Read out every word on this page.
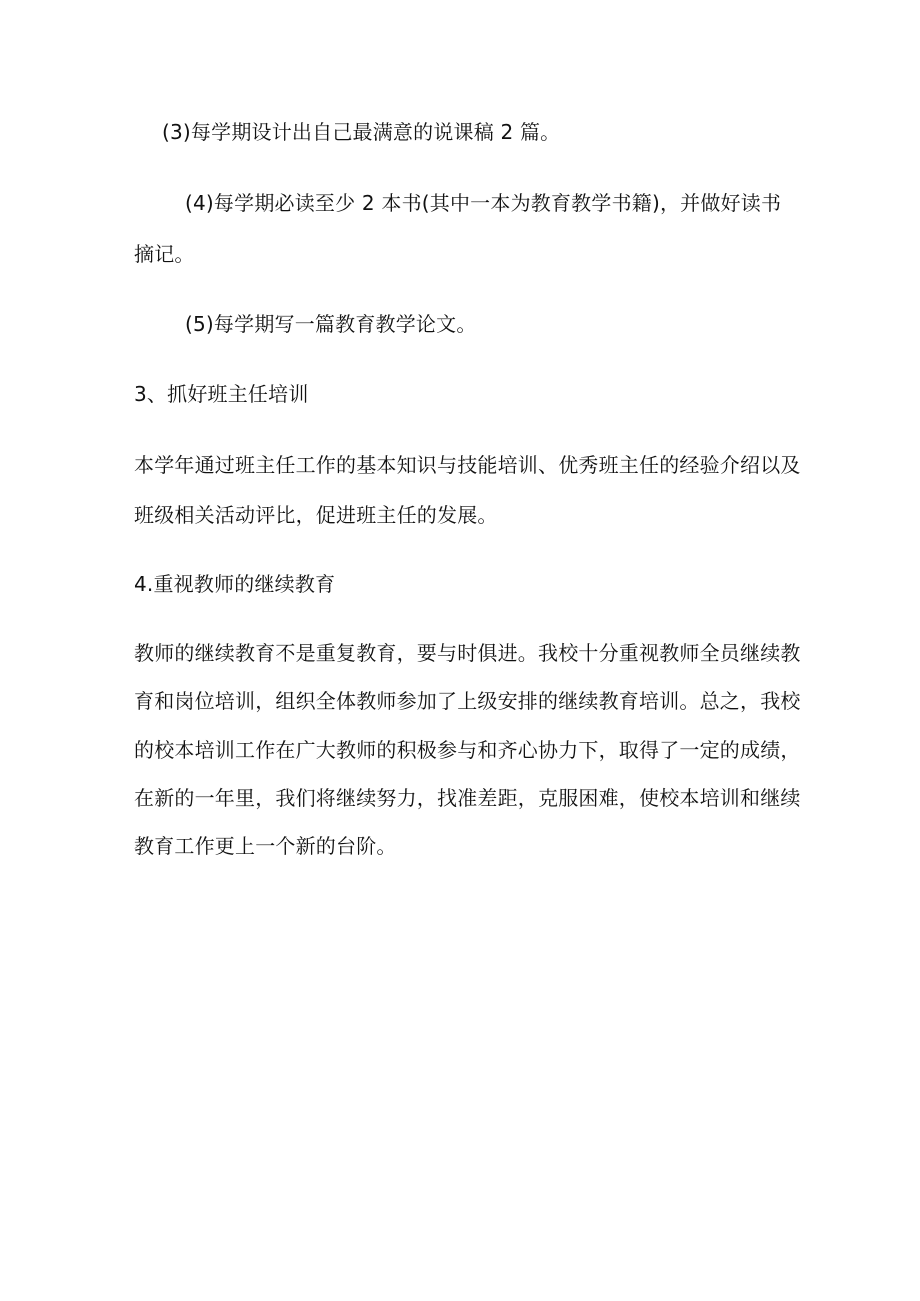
(3)每学期设计出自己最满意的说课稿 2 篇。
(4)每学期必读至少 2 本书(其中一本为教育教学书籍)，并做好读书
摘记。
(5)每学期写一篇教育教学论文。
3、抓好班主任培训
本学年通过班主任工作的基本知识与技能培训、优秀班主任的经验介绍以及
班级相关活动评比，促进班主任的发展。
4.重视教师的继续教育
教师的继续教育不是重复教育，要与时俱进。我校十分重视教师全员继续教
育和岗位培训，组织全体教师参加了上级安排的继续教育培训。总之，我校
的校本培训工作在广大教师的积极参与和齐心协力下，取得了一定的成绩，
在新的一年里，我们将继续努力，找准差距，克服困难，使校本培训和继续
教育工作更上一个新的台阶。
